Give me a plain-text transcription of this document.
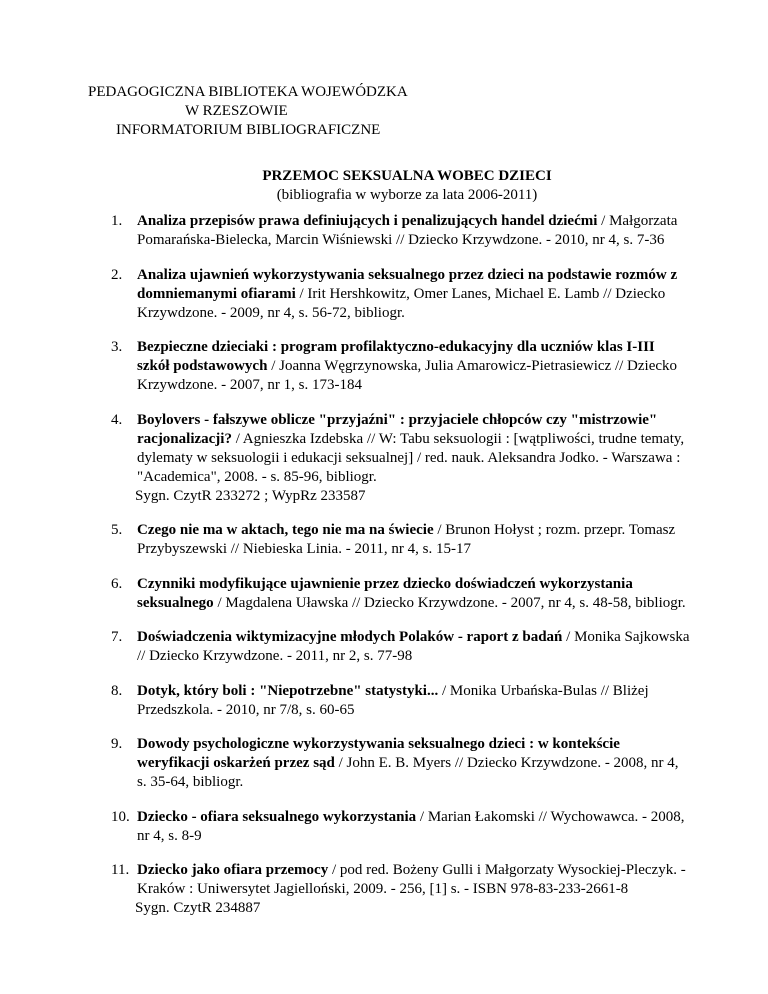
PEDAGOGICZNA BIBLIOTEKA WOJEWÓDZKA
W RZESZOWIE
INFORMATORIUM BIBLIOGRAFICZNE
PRZEMOC SEKSUALNA WOBEC DZIECI
(bibliografia w wyborze za lata 2006-2011)
1. Analiza przepisów prawa definiujących i penalizujących handel dziećmi / Małgorzata Pomarańska-Bielecka, Marcin Wiśniewski // Dziecko Krzywdzone. - 2010, nr 4, s. 7-36
2. Analiza ujawnień wykorzystywania seksualnego przez dzieci na podstawie rozmów z domniemanymi ofiarami / Irit Hershkowitz, Omer Lanes, Michael E. Lamb // Dziecko Krzywdzone. - 2009, nr 4, s. 56-72, bibliogr.
3. Bezpieczne dzieciaki : program profilaktyczno-edukacyjny dla uczniów klas I-III szkół podstawowych / Joanna Węgrzynowska, Julia Amarowicz-Pietrasiewicz // Dziecko Krzywdzone. - 2007, nr 1, s. 173-184
4. Boylovers - fałszywe oblicze "przyjaźni" : przyjaciele chłopców czy "mistrzowie" racjonalizacji? / Agnieszka Izdebska // W: Tabu seksuologii : [wątpliwości, trudne tematy, dylematy w seksuologii i edukacji seksualnej] / red. nauk. Aleksandra Jodko. - Warszawa : "Academica", 2008. - s. 85-96, bibliogr.
Sygn. CzytR 233272 ; WypRz 233587
5. Czego nie ma w aktach, tego nie ma na świecie / Brunon Hołyst ; rozm. przepr. Tomasz Przybyszewski // Niebieska Linia. - 2011, nr 4, s. 15-17
6. Czynniki modyfikujące ujawnienie przez dziecko doświadczeń wykorzystania seksualnego / Magdalena Uławska // Dziecko Krzywdzone. - 2007, nr 4, s. 48-58, bibliogr.
7. Doświadczenia wiktymizacyjne młodych Polaków - raport z badań / Monika Sajkowska // Dziecko Krzywdzone. - 2011, nr 2, s. 77-98
8. Dotyk, który boli : "Niepotrzebne" statystyki... / Monika Urbańska-Bulas // Bliżej Przedszkola. - 2010, nr 7/8, s. 60-65
9. Dowody psychologiczne wykorzystywania seksualnego dzieci : w kontekście weryfikacji oskarżeń przez sąd / John E. B. Myers // Dziecko Krzywdzone. - 2008, nr 4, s. 35-64, bibliogr.
10. Dziecko - ofiara seksualnego wykorzystania / Marian Łakomski // Wychowawca. - 2008, nr 4, s. 8-9
11. Dziecko jako ofiara przemocy / pod red. Bożeny Gulli i Małgorzaty Wysockiej-Pleczyk. - Kraków : Uniwersytet Jagielloński, 2009. - 256, [1] s. - ISBN 978-83-233-2661-8
Sygn. CzytR 234887
